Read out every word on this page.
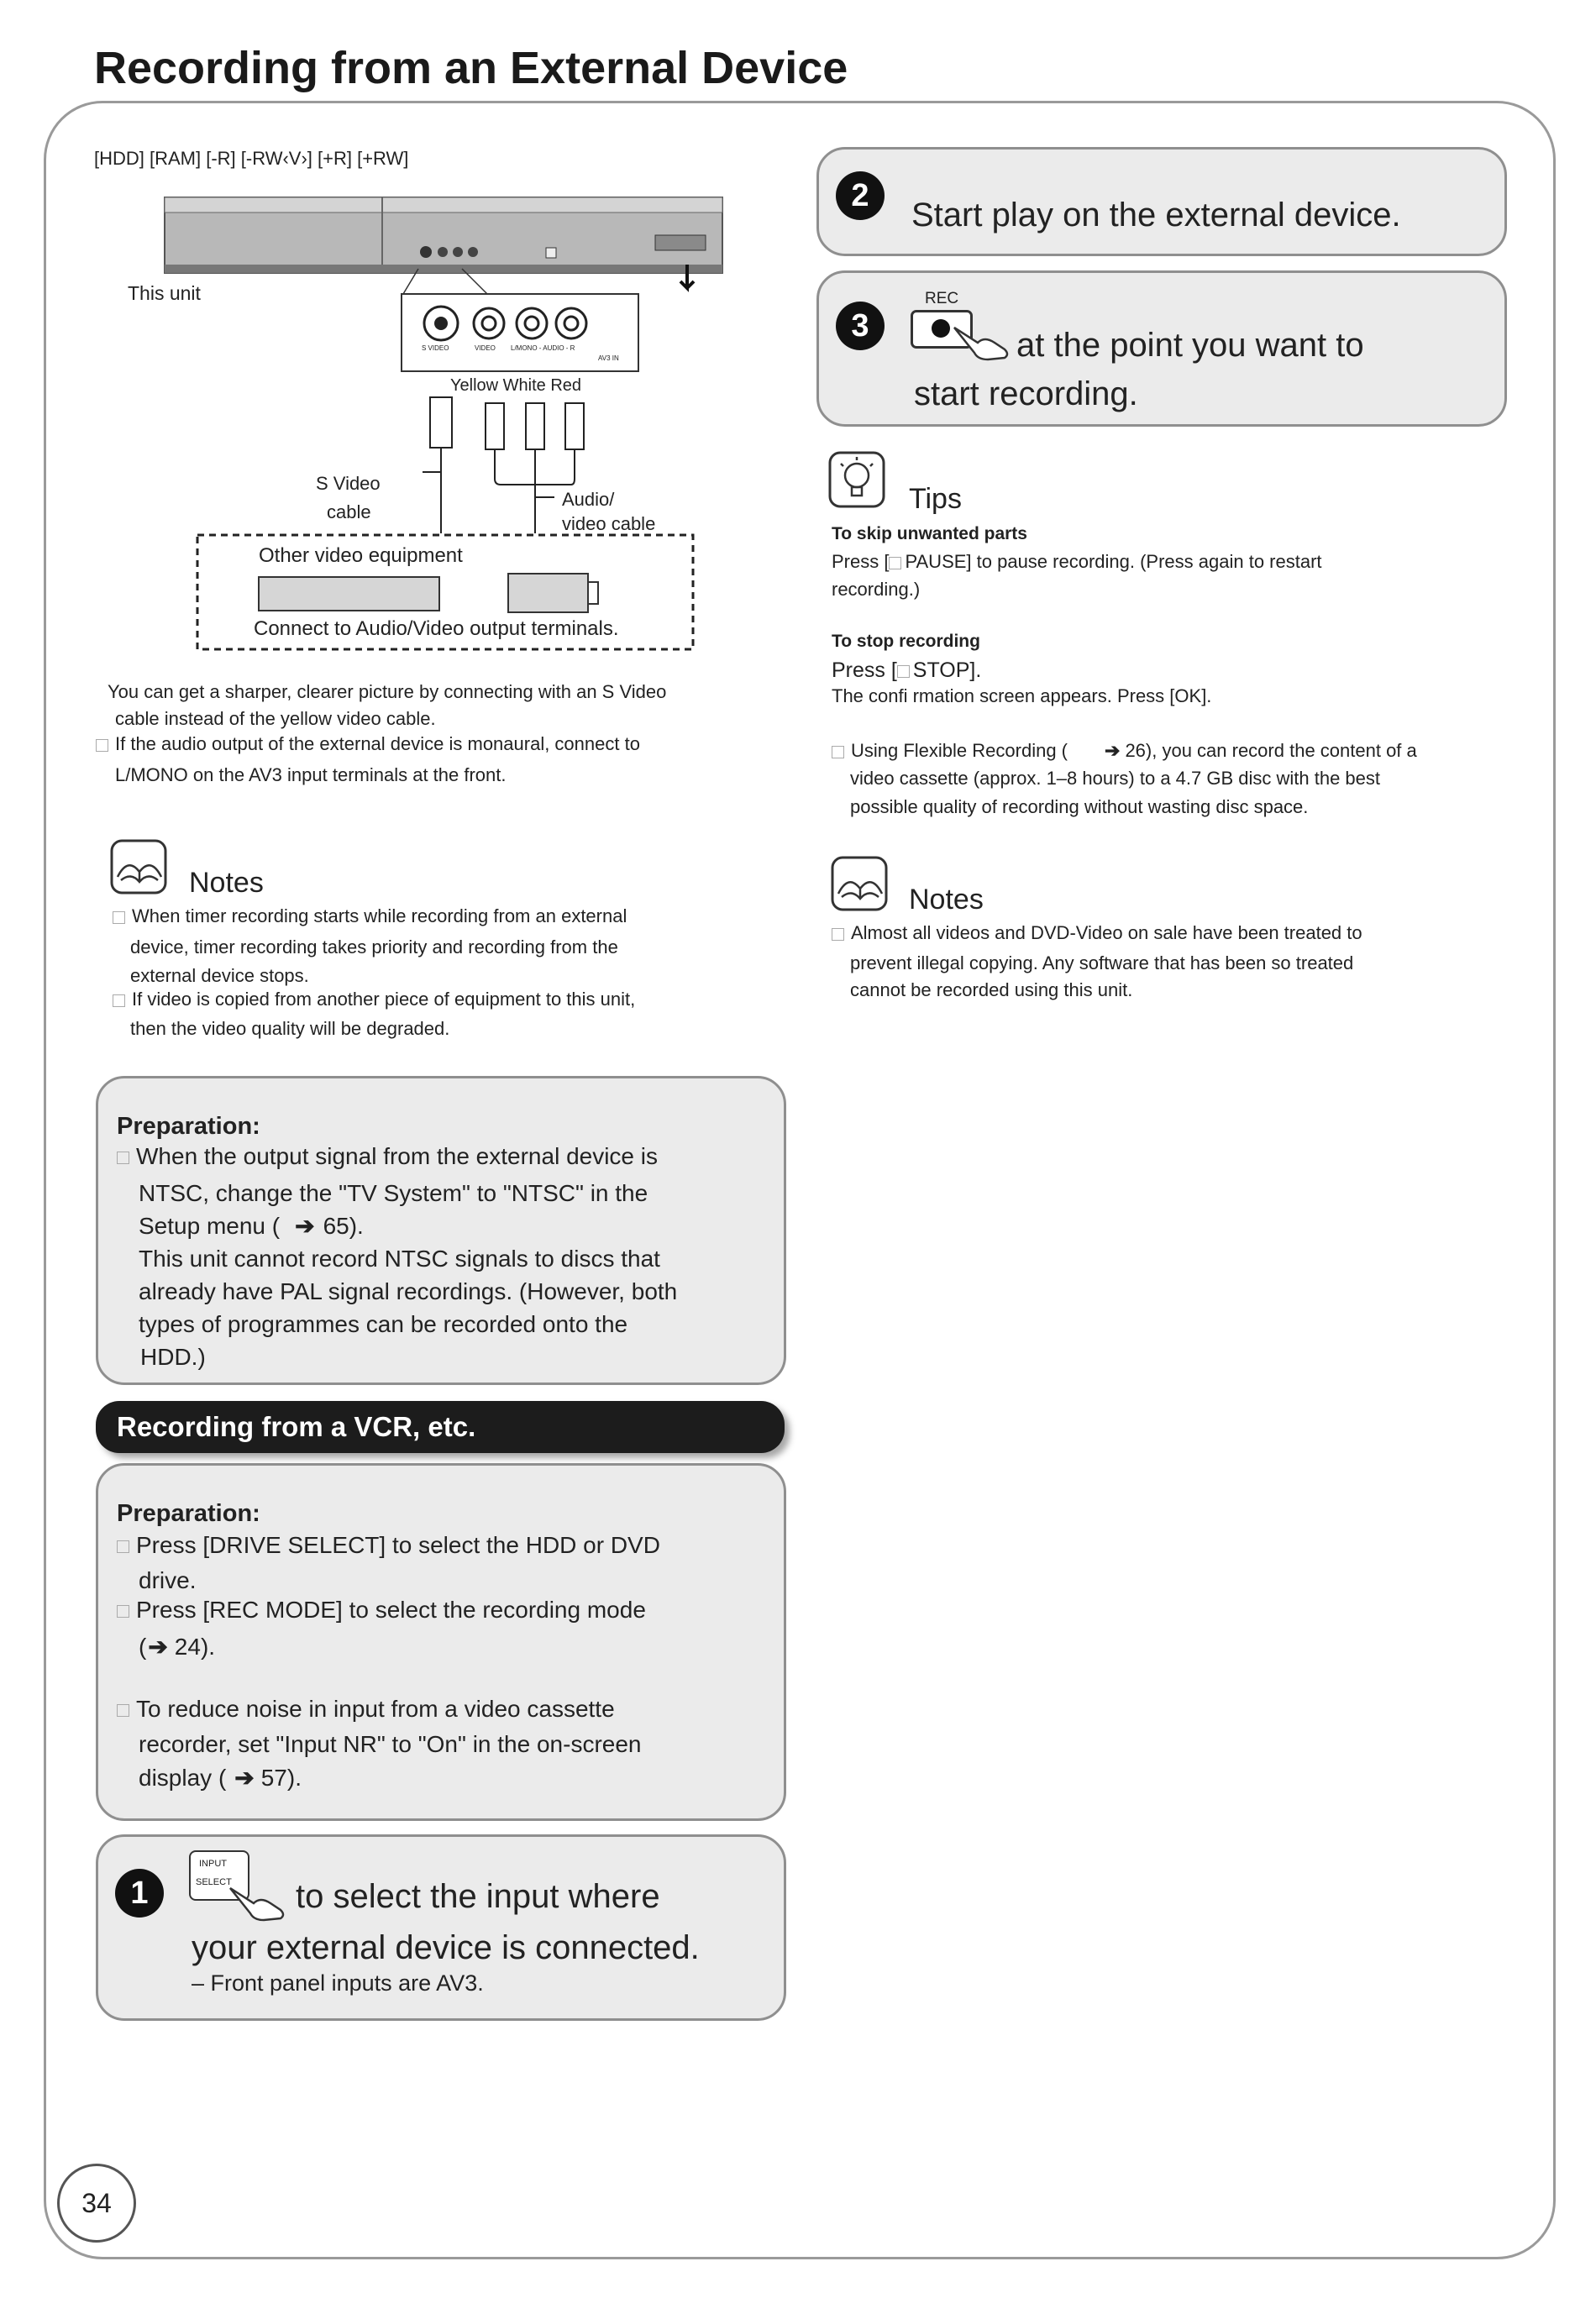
Recording from an External Device
[HDD] [RAM] [-R] [-RW‹V›] [+R] [+RW]
This unit
S VIDEO	VIDEO L/MONO - AUDIO - R
AV3 IN
Yellow White Red
S Video
cable
Audio/
video cable
Other video equipment
Connect to Audio/Video output terminals.
You can get a sharper, clearer picture by connecting with an S Video
cable instead of the yellow video cable.
If the audio output of the external device is monaural, connect to
L/MONO on the AV3 input terminals at the front.
Notes
When timer recording starts while recording from an external
device, timer recording takes priority and recording from the
external device stops.
If video is copied from another piece of equipment to this unit,
then the video quality will be degraded.
Preparation:
When the output signal from the external device is
NTSC, change the "TV System" to "NTSC" in the
Setup menu ( ➔ 65).
This unit cannot record NTSC signals to discs that
already have PAL signal recordings. (However, both
types of programmes can be recorded onto the
HDD.)
Recording from a VCR, etc.
Preparation:
Press [DRIVE SELECT] to select the HDD or DVD
drive.
Press [REC MODE] to select the recording mode
(➔ 24).
To reduce noise in input from a video cassette
recorder, set "Input NR" to "On" in the on-screen
display ( ➔ 57).
1
INPUT
SELECT to select the input where
your external device is connected.
– Front panel inputs are AV3.
2
Start play on the external device.
3
REC
at the point you want to
start recording.
Tips
To skip unwanted parts
Press [ PAUSE] to pause recording. (Press again to restart
recording.)
To stop recording
Press [ STOP].
The confi rmation screen appears. Press [OK].
Using Flexible Recording ( ➔ 26), you can record the content of a
video cassette (approx. 1–8 hours) to a 4.7 GB disc with the best
possible quality of recording without wasting disc space.
Notes
Almost all videos and DVD-Video on sale have been treated to
prevent illegal copying. Any software that has been so treated
cannot be recorded using this unit.
34
